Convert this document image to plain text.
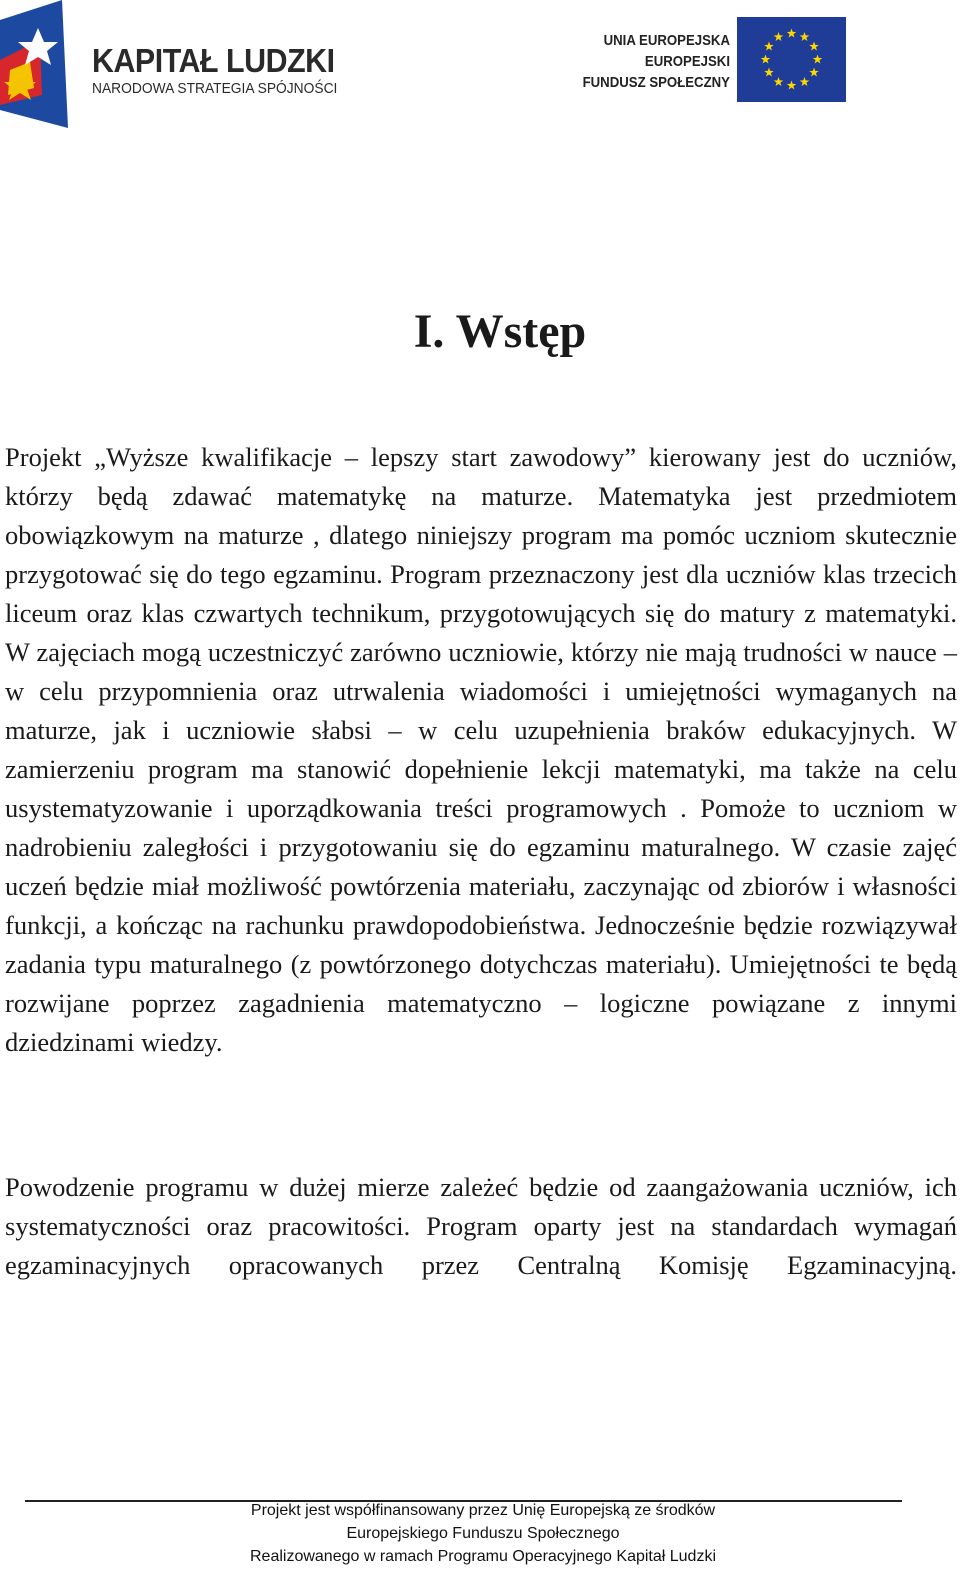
KAPITAŁ LUDZKI
NARODOWA STRATEGIA SPÓJNOŚCI
UNIA EUROPEJSKA
EUROPEJSKI
FUNDUSZ SPOŁECZNY
I. Wstęp

Projekt „Wyższe kwalifikacje – lepszy start zawodowy” kierowany jest do uczniów, którzy będą zdawać matematykę na maturze. Matematyka jest przedmiotem obowiązkowym na maturze , dlatego niniejszy program ma pomóc uczniom skutecznie przygotować się do tego egzaminu. Program przeznaczony jest dla uczniów klas trzecich liceum oraz klas czwartych technikum, przygotowujących się do matury z matematyki. W zajęciach mogą uczestniczyć zarówno uczniowie, którzy nie mają trudności w nauce – w celu przypomnienia oraz utrwalenia wiadomości i umiejętności wymaganych na maturze, jak i uczniowie słabsi – w celu uzupełnienia braków edukacyjnych. W zamierzeniu program ma stanowić dopełnienie lekcji matematyki, ma także na celu usystematyzowanie i uporządkowania treści programowych . Pomoże to uczniom w nadrobieniu zaległości i przygotowaniu się do egzaminu maturalnego. W czasie zajęć uczeń będzie miał możliwość powtórzenia materiału, zaczynając od zbiorów i własności funkcji, a kończąc na rachunku prawdopodobieństwa. Jednocześnie będzie rozwiązywał zadania typu maturalnego (z powtórzonego dotychczas materiału). Umiejętności te będą rozwijane poprzez zagadnienia matematyczno – logiczne powiązane z innymi dziedzinami wiedzy.

Powodzenie programu w dużej mierze zależeć będzie od zaangażowania uczniów, ich systematyczności oraz pracowitości. Program oparty jest na standardach wymagań egzaminacyjnych opracowanych przez Centralną Komisję Egzaminacyjną.

Projekt jest współfinansowany przez Unię Europejską ze środków
Europejskiego Funduszu Społecznego
Realizowanego w ramach Programu Operacyjnego Kapitał Ludzki
